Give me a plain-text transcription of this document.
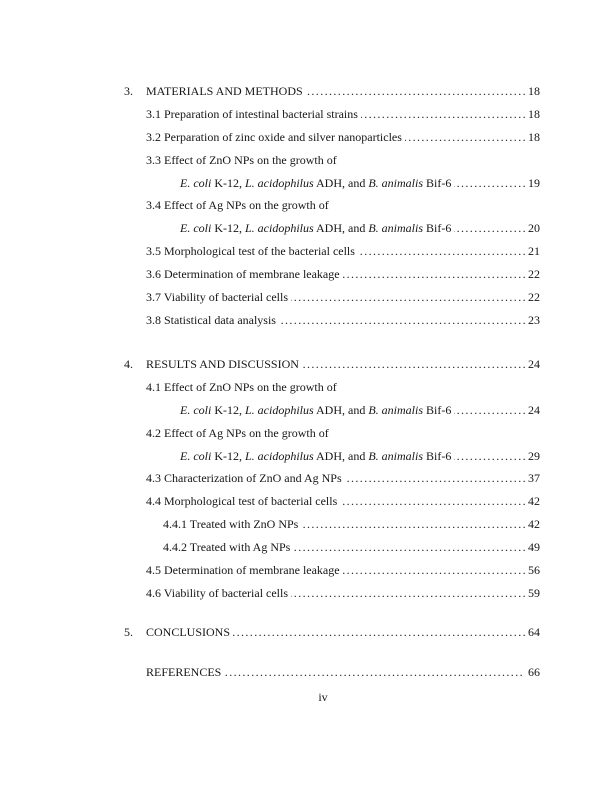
3.	MATERIALS AND METHODS .....	18
3.1 Preparation of intestinal bacterial strains .....	18
3.2 Perparation of zinc oxide and silver nanoparticles .....	18
3.3 Effect of ZnO NPs on the growth of
E. coli K-12, L. acidophilus ADH, and B. animalis Bif-6 .....	19
3.4 Effect of Ag NPs on the growth of
E. coli K-12, L. acidophilus ADH, and B. animalis Bif-6 .....	20
3.5 Morphological test of the bacterial cells .....	21
3.6 Determination of membrane leakage .....	22
3.7 Viability of bacterial cells .....	22
3.8 Statistical data analysis .....	23
4.	RESULTS AND DISCUSSION .....	24
4.1 Effect of ZnO NPs on the growth of
E. coli K-12, L. acidophilus ADH, and B. animalis Bif-6 .....	24
4.2 Effect of Ag NPs on the growth of
E. coli K-12, L. acidophilus ADH, and B. animalis Bif-6 .....	29
4.3 Characterization of ZnO and Ag NPs .....	37
4.4 Morphological test of bacterial cells .....	42
4.4.1 Treated with ZnO NPs .....	42
4.4.2 Treated with Ag NPs .....	49
4.5 Determination of membrane leakage .....	56
4.6 Viability of bacterial cells .....	59
5.	CONCLUSIONS .....	64
REFERENCES .....	66
iv
